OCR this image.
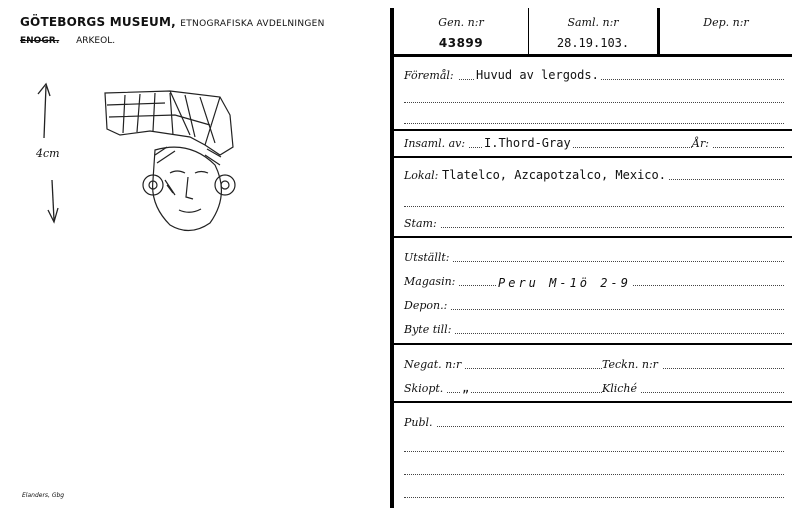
GÖTEBORGS MUSEUM, ETNOGRAFISKA AVDELNINGEN
ENOGR. ARKEOL.
4cm
Elanders, Gbg
Gen. n:r
43899
Saml. n:r
28.19.103.
Dep. n:r
Föremål:	Huvud av lergods.
Insaml. av:	I.Thord-Gray	År:
Lokal: Tlatelco, Azcapotzalco, Mexico.
Stam:
Utställt:
Magasin:	Peru M-1ö 2-9
Depon.:
Byte till:
Negat. n:r	Teckn. n:r
Skiopt.	„	Kliché
Publ.
